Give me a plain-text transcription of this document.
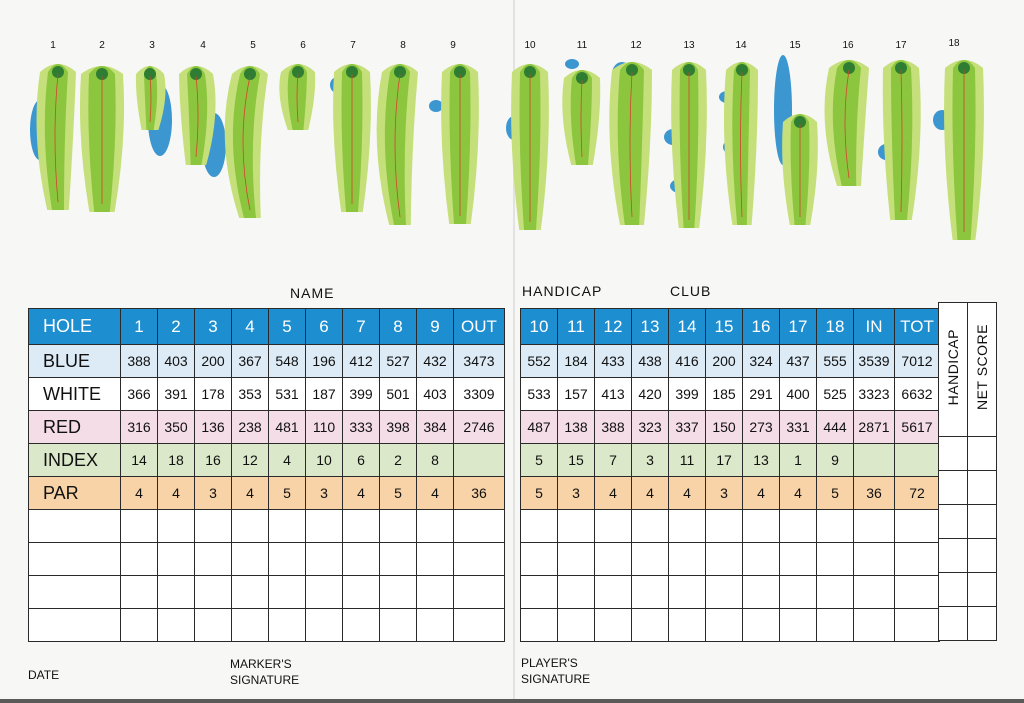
1	2	3	4	5	6	7	8	9	10	11	12	13	14	15	16	17	18
NAME	HANDICAP	CLUB
HOLE	1	2	3	4	5	6	7	8	9	OUT
BLUE	388	403	200	367	548	196	412	527	432	3473
WHITE	366	391	178	353	531	187	399	501	403	3309
RED	316	350	136	238	481	110	333	398	384	2746
INDEX	14	18	16	12	4	10	6	2	8	
PAR	4	4	3	4	5	3	4	5	4	36

10	11	12	13	14	15	16	17	18	IN	TOT
552	184	433	438	416	200	324	437	555	3539	7012
533	157	413	420	399	185	291	400	525	3323	6632
487	138	388	323	337	150	273	331	444	2871	5617
5	15	7	3	11	17	13	1	9		
5	3	4	4	4	3	4	4	5	36	72

HANDICAP	NET SCORE

DATE
MARKER'S
SIGNATURE
PLAYER'S
SIGNATURE
